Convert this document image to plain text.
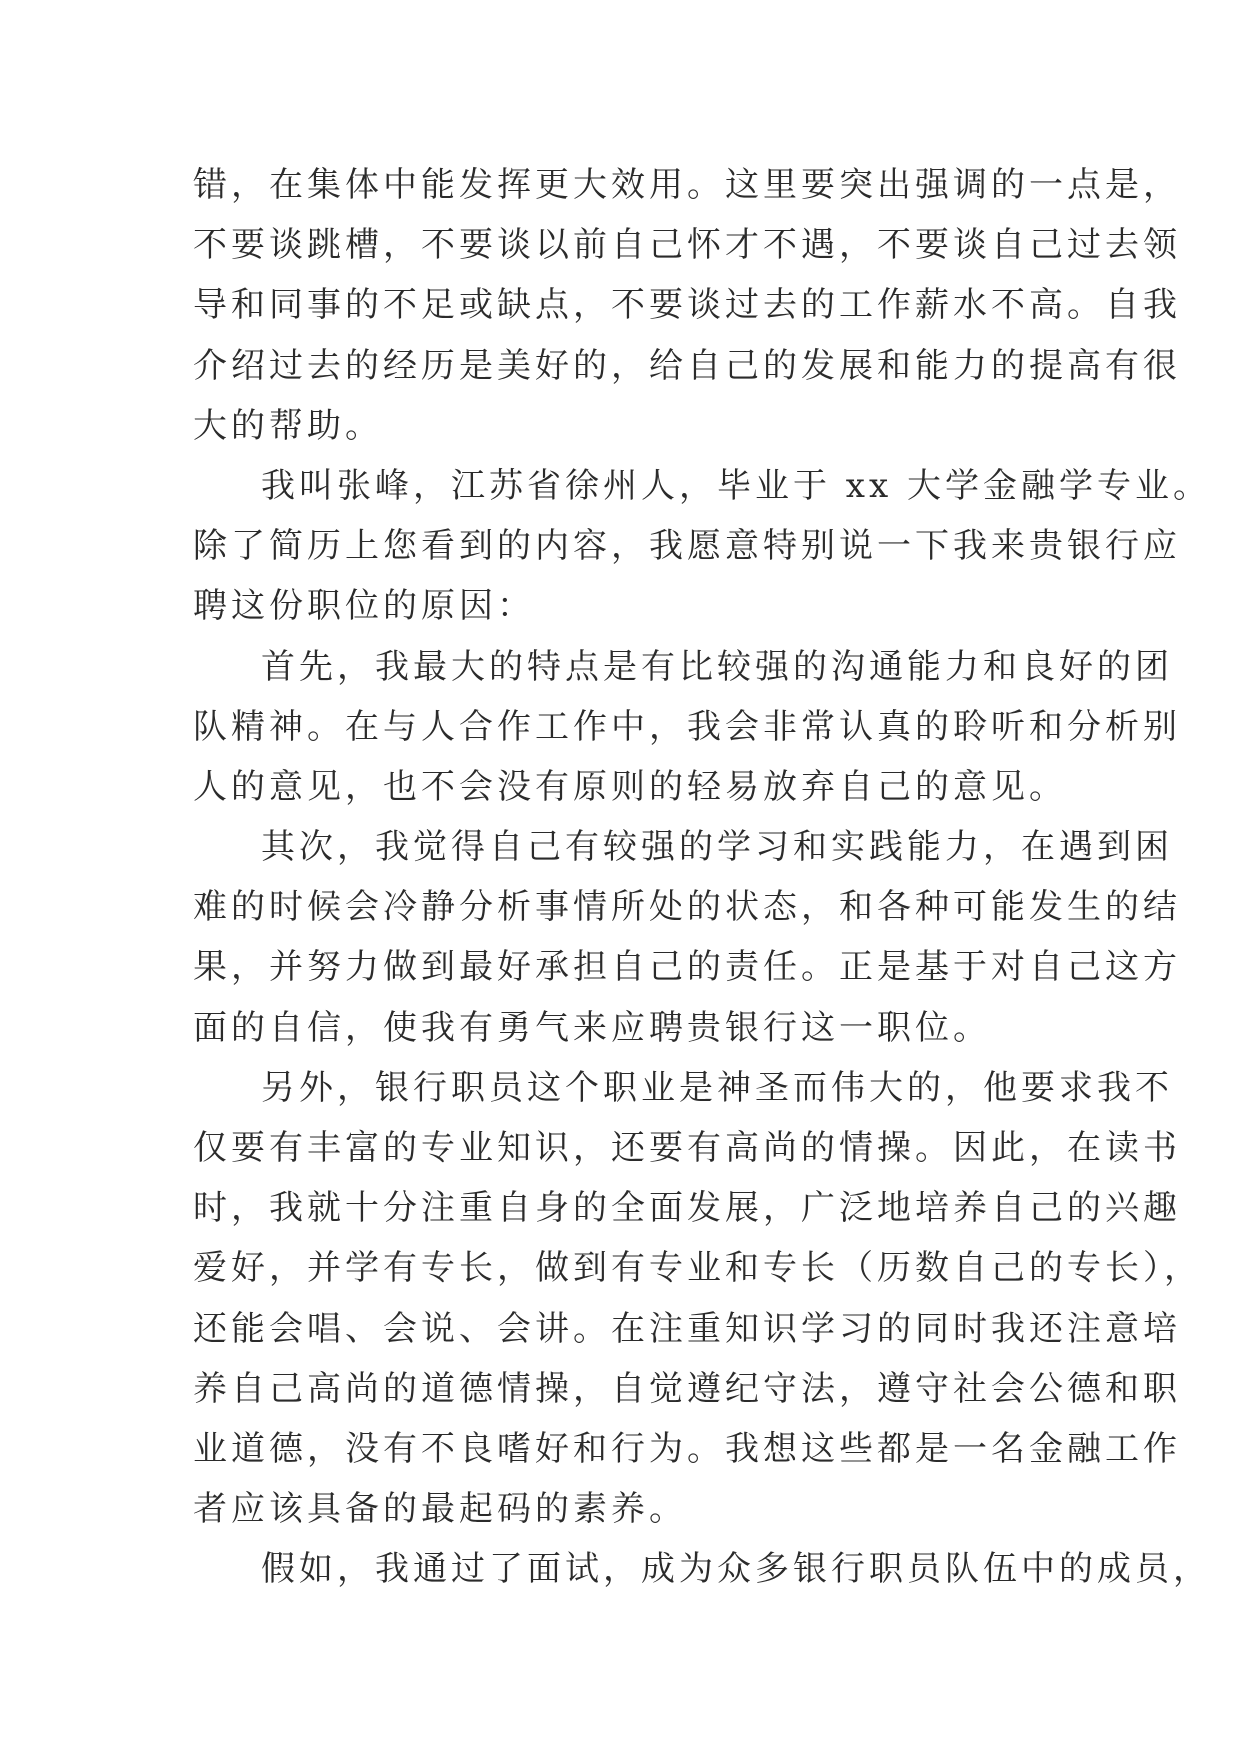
错，在集体中能发挥更大效用。这里要突出强调的一点是，
不要谈跳槽，不要谈以前自己怀才不遇，不要谈自己过去领
导和同事的不足或缺点，不要谈过去的工作薪水不高。自我
介绍过去的经历是美好的，给自己的发展和能力的提高有很
大的帮助。
我叫张峰，江苏省徐州人，毕业于 xx 大学金融学专业。
除了简历上您看到的内容，我愿意特别说一下我来贵银行应
聘这份职位的原因：
首先，我最大的特点是有比较强的沟通能力和良好的团
队精神。在与人合作工作中，我会非常认真的聆听和分析别
人的意见，也不会没有原则的轻易放弃自己的意见。
其次，我觉得自己有较强的学习和实践能力，在遇到困
难的时候会冷静分析事情所处的状态，和各种可能发生的结
果，并努力做到最好承担自己的责任。正是基于对自己这方
面的自信，使我有勇气来应聘贵银行这一职位。
另外，银行职员这个职业是神圣而伟大的，他要求我不
仅要有丰富的专业知识，还要有高尚的情操。因此，在读书
时，我就十分注重自身的全面发展，广泛地培养自己的兴趣
爱好，并学有专长，做到有专业和专长（历数自己的专长），
还能会唱、会说、会讲。在注重知识学习的同时我还注意培
养自己高尚的道德情操，自觉遵纪守法，遵守社会公德和职
业道德，没有不良嗜好和行为。我想这些都是一名金融工作
者应该具备的最起码的素养。
假如，我通过了面试，成为众多银行职员队伍中的成员，
